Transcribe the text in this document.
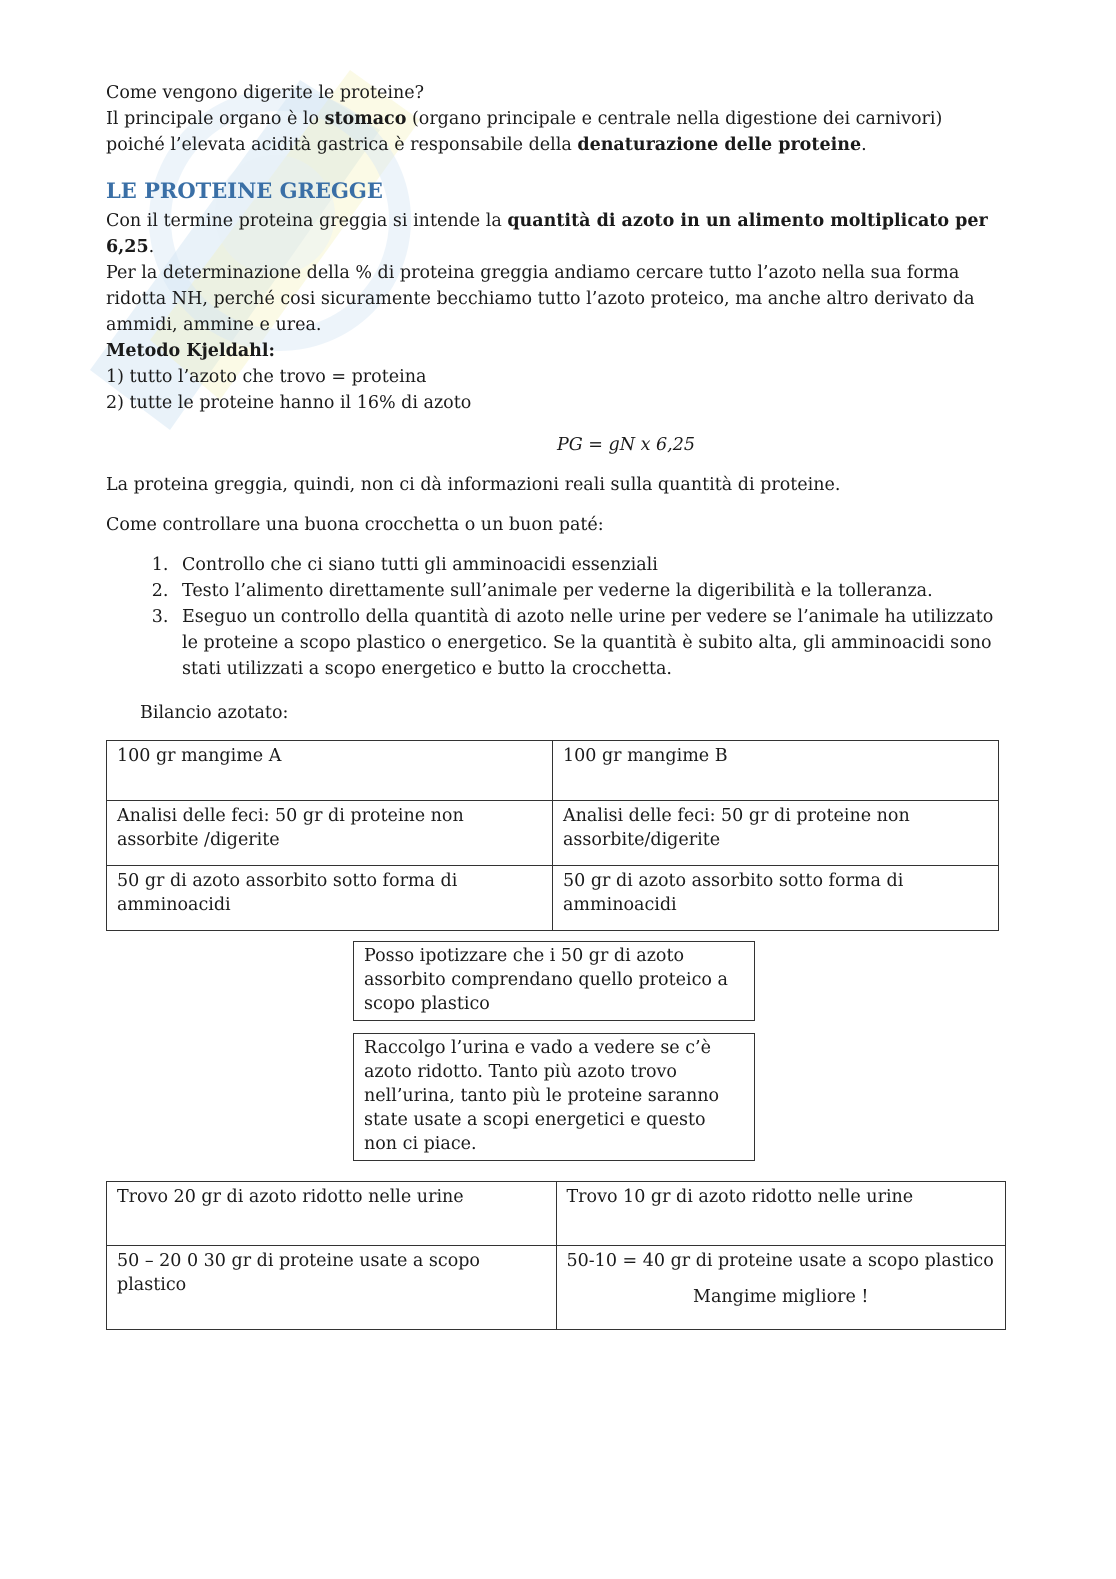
Come vengono digerite le proteine?

Il principale organo è lo stomaco (organo principale e centrale nella digestione dei carnivori) poiché l’elevata acidità gastrica è responsabile della denaturazione delle proteine.

LE PROTEINE GREGGE

Con il termine proteina greggia si intende la quantità di azoto in un alimento moltiplicato per 6,25.

Per la determinazione della % di proteina greggia andiamo cercare tutto l’azoto nella sua forma ridotta NH, perché cosi sicuramente becchiamo tutto l’azoto proteico, ma anche altro derivato da ammidi, ammine e urea.

Metodo Kjeldahl:

1) tutto l’azoto che trovo = proteina

2) tutte le proteine hanno il 16% di azoto

PG = gN x 6,25

La proteina greggia, quindi, non ci dà informazioni reali sulla quantità di proteine.

Come controllare una buona crocchetta o un buon paté:

1. Controllo che ci siano tutti gli amminoacidi essenziali
2. Testo l’alimento direttamente sull’animale per vederne la digeribilità e la tolleranza.
3. Eseguo un controllo della quantità di azoto nelle urine per vedere se l’animale ha utilizzato le proteine a scopo plastico o energetico. Se la quantità è subito alta, gli amminoacidi sono stati utilizzati a scopo energetico e butto la crocchetta.

Bilancio azotato:

100 gr mangime A	100 gr mangime B
Analisi delle feci: 50 gr di proteine non assorbite /digerite	Analisi delle feci: 50 gr di proteine non assorbite/digerite
50 gr di azoto assorbito sotto forma di amminoacidi	50 gr di azoto assorbito sotto forma di amminoacidi
Posso ipotizzare che i 50 gr di azoto assorbito comprendano quello proteico a scopo plastico
Raccolgo l’urina e vado a vedere se c’è azoto ridotto. Tanto più azoto trovo nell’urina, tanto più le proteine saranno state usate a scopi energetici e questo non ci piace.
Trovo 20 gr di azoto ridotto nelle urine	Trovo 10 gr di azoto ridotto nelle urine
50 – 20 0 30 gr di proteine usate a scopo plastico	50-10 = 40 gr di proteine usate a scopo plastico
Mangime migliore !
